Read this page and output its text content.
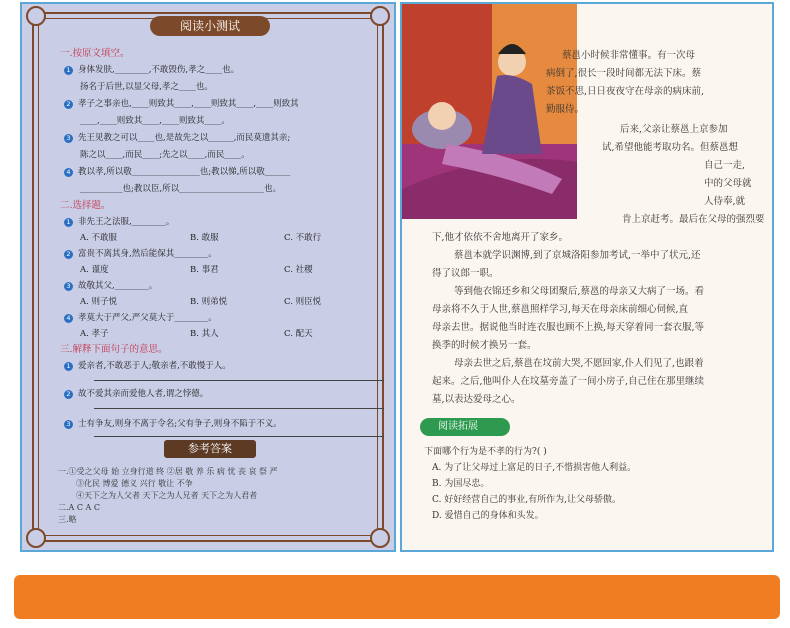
阅读小测试
一.按原文填空。
1 身体发肤,________,不敢毁伤,孝之____也。
扬名于后世,以显父母,孝之____也。
2 孝子之事亲也,____则致其____,____则致其____,____则致其
____,____则致其____,____则致其____。
3 先王见教之可以____也,是故先之以______,而民莫遗其亲;
陈之以____,而民____;先之以____,而民____。
4 教以孝,所以敬________________也;教以悌,所以敬______
__________也;教以臣,所以____________________也。
二.选择题。
1 非先王之法服,________。
A. 不敢服	B. 敢服	C. 不敢行
2 富贵不离其身,然后能保其________。
A. 谨度	B. 事君	C. 社稷
3 故敬其父,________。
A. 则子悦	B. 则弟悦	C. 则臣悦
4 孝莫大于严父,严父莫大于________。
A. 孝子	B. 其人	C. 配天
三.解释下面句子的意思。
1 爱亲者,不敢恶于人;敬亲者,不敢慢于人。
2 故不爱其亲而爱他人者,谓之悖德。
3 士有争友,则身不离于令名;父有争子,则身不陷于不义。
参考答案
一.①受之父母 始 立身行道 终 ②居 敬 养 乐 病 忧 丧 哀 祭 严
③化民 博爱 德义 兴行 敬让 不争
④天下之为人父者 天下之为人兄者 天下之为人君者
二.A C A C
三.略
蔡邕小时候非常懂事。有一次母
病倒了,很长一段时间都无法下床。蔡
茶饭不思,日日夜夜守在母亲的病床前,
勤服侍。
后来,父亲让蔡邕上京参加
试,希望他能考取功名。但蔡邕想
自己一走,
中的父母就
人侍奉,就
肯上京赶考。最后在父母的强烈要
下,他才依依不舍地离开了家乡。
蔡邕本就学识渊博,到了京城洛阳参加考试,一举中了状元,还
得了议郎一职。
等到他衣锦还乡和父母团聚后,蔡邕的母亲又大病了一场。看
母亲将不久于人世,蔡邕照样学习,每天在母亲床前细心伺候,直
母亲去世。据说他当时连衣服也顾不上换,每天穿着同一套衣服,等
换季的时候才换另一套。
母亲去世之后,蔡邕在坟前大哭,不愿回家,仆人们见了,也跟着
起来。之后,他叫仆人在坟墓旁盖了一间小房子,自己住在那里继续
墓,以表达爱母之心。
阅读拓展
下面哪个行为是不孝的行为?( )
A. 为了让父母过上富足的日子,不惜损害他人利益。
B. 为国尽忠。
C. 好好经营自己的事业,有所作为,让父母骄傲。
D. 爱惜自己的身体和头发。
